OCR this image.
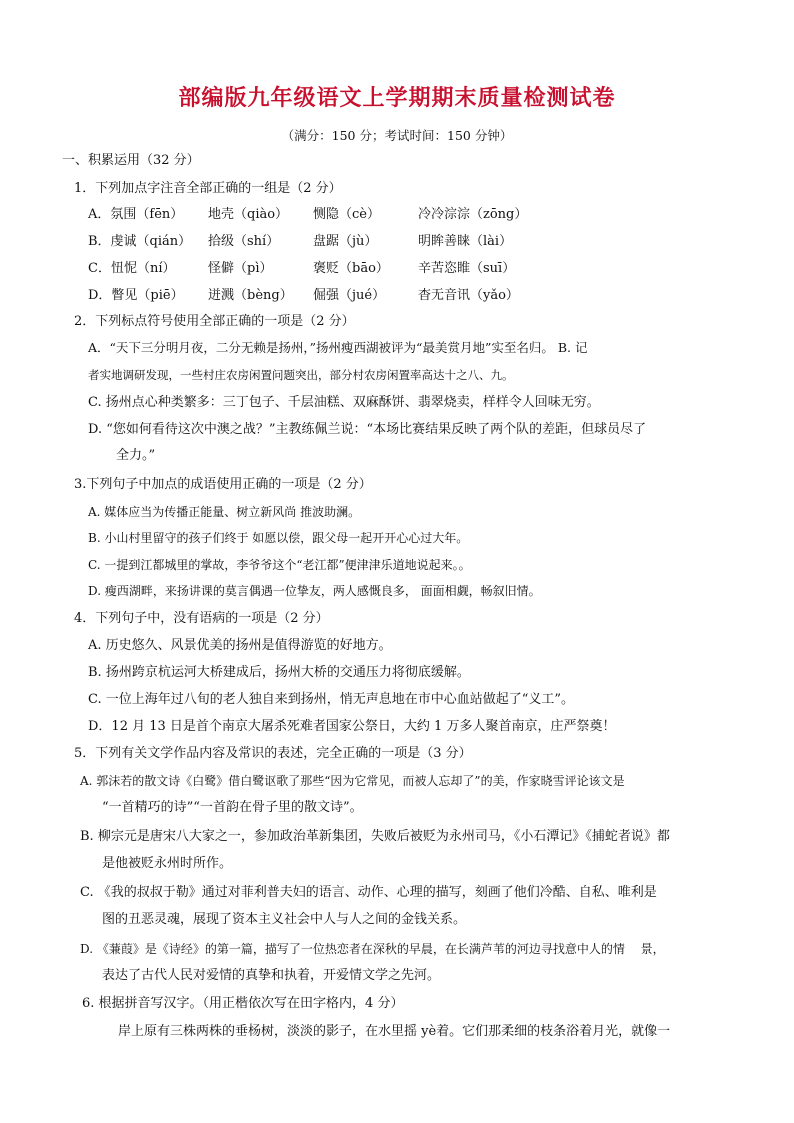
部编版九年级语文上学期期末质量检测试卷
（满分：150 分；考试时间：150 分钟）
一、积累运用（32 分）
1．下列加点字注音全部正确的一组是（2 分）
A．氛围（fēn） 地壳（qiào） 恻隐（cè）	冷冷淙淙（zōng）
B．虔诚（qián） 拾级（shí）	盘踞（jù）	明眸善睐（lài）
C．忸怩（ní）	怪僻（pì）	褒贬（bāo） 辛苦恣睢（suī）
D．瞥见（piē） 迸溅（bèng） 倔强（jué）	杳无音讯（yǎo）
2．下列标点符号使用全部正确的一项是（2 分）
A．“天下三分明月夜，二分无赖是扬州，”扬州瘦西湖被评为“最美赏月地”实至名归。 B. 记
者实地调研发现，一些村庄农房闲置问题突出，部分村农房闲置率高达十之八、九。
C. 扬州点心种类繁多：三丁包子、千层油糕、双麻酥饼、翡翠烧卖，样样令人回味无穷。
D. “您如何看待这次中澳之战？”主教练佩兰说：“本场比赛结果反映了两个队的差距，但球员尽了
全力。”
3.下列句子中加点的成语使用正确的一项是（2 分）
A. 媒体应当为传播正能量、树立新风尚 推波助澜。
B. 小山村里留守的孩子们终于 如愿以偿，跟父母一起开开心心过大年。
C. 一提到江都城里的掌故，李爷爷这个“老江都”便津津乐道地说起来。。
D. 瘦西湖畔，来扬讲课的莫言偶遇一位挚友，两人感慨良多， 面面相觑，畅叙旧情。
4．下列句子中，没有语病的一项是（2 分）
A. 历史悠久、风景优美的扬州是值得游览的好地方。
B. 扬州跨京杭运河大桥建成后，扬州大桥的交通压力将彻底缓解。
C. 一位上海年过八旬的老人独自来到扬州，悄无声息地在市中心血站做起了“义工”。
D．12 月 13 日是首个南京大屠杀死难者国家公祭日，大约 1 万多人聚首南京，庄严祭奠！
5．下列有关文学作品内容及常识的表述，完全正确的一项是（3 分）
A. 郭沫若的散文诗《白鹭》借白鹭讴歌了那些“因为它常见，而被人忘却了”的美，作家晓雪评论该文是
“一首精巧的诗”“一首韵在骨子里的散文诗”。
B. 柳宗元是唐宋八大家之一，参加政治革新集团，失败后被贬为永州司马，《小石潭记》《捕蛇者说》都
是他被贬永州时所作。
C. 《我的叔叔于勒》通过对菲利普夫妇的语言、动作、心理的描写，刻画了他们冷酷、自私、唯利是
图的丑恶灵魂，展现了资本主义社会中人与人之间的金钱关系。
D. 《蒹葭》是《诗经》的第一篇，描写了一位热恋者在深秋的早晨，在长满芦苇的河边寻找意中人的情　 景，
表达了古代人民对爱情的真挚和执着，开爱情文学之先河。
6. 根据拼音写汉字。（用正楷依次写在田字格内，4 分）
岸上原有三株两株的垂杨树，淡淡的影子，在水里摇 yè着。它们那柔细的枝条浴着月光，就像一
